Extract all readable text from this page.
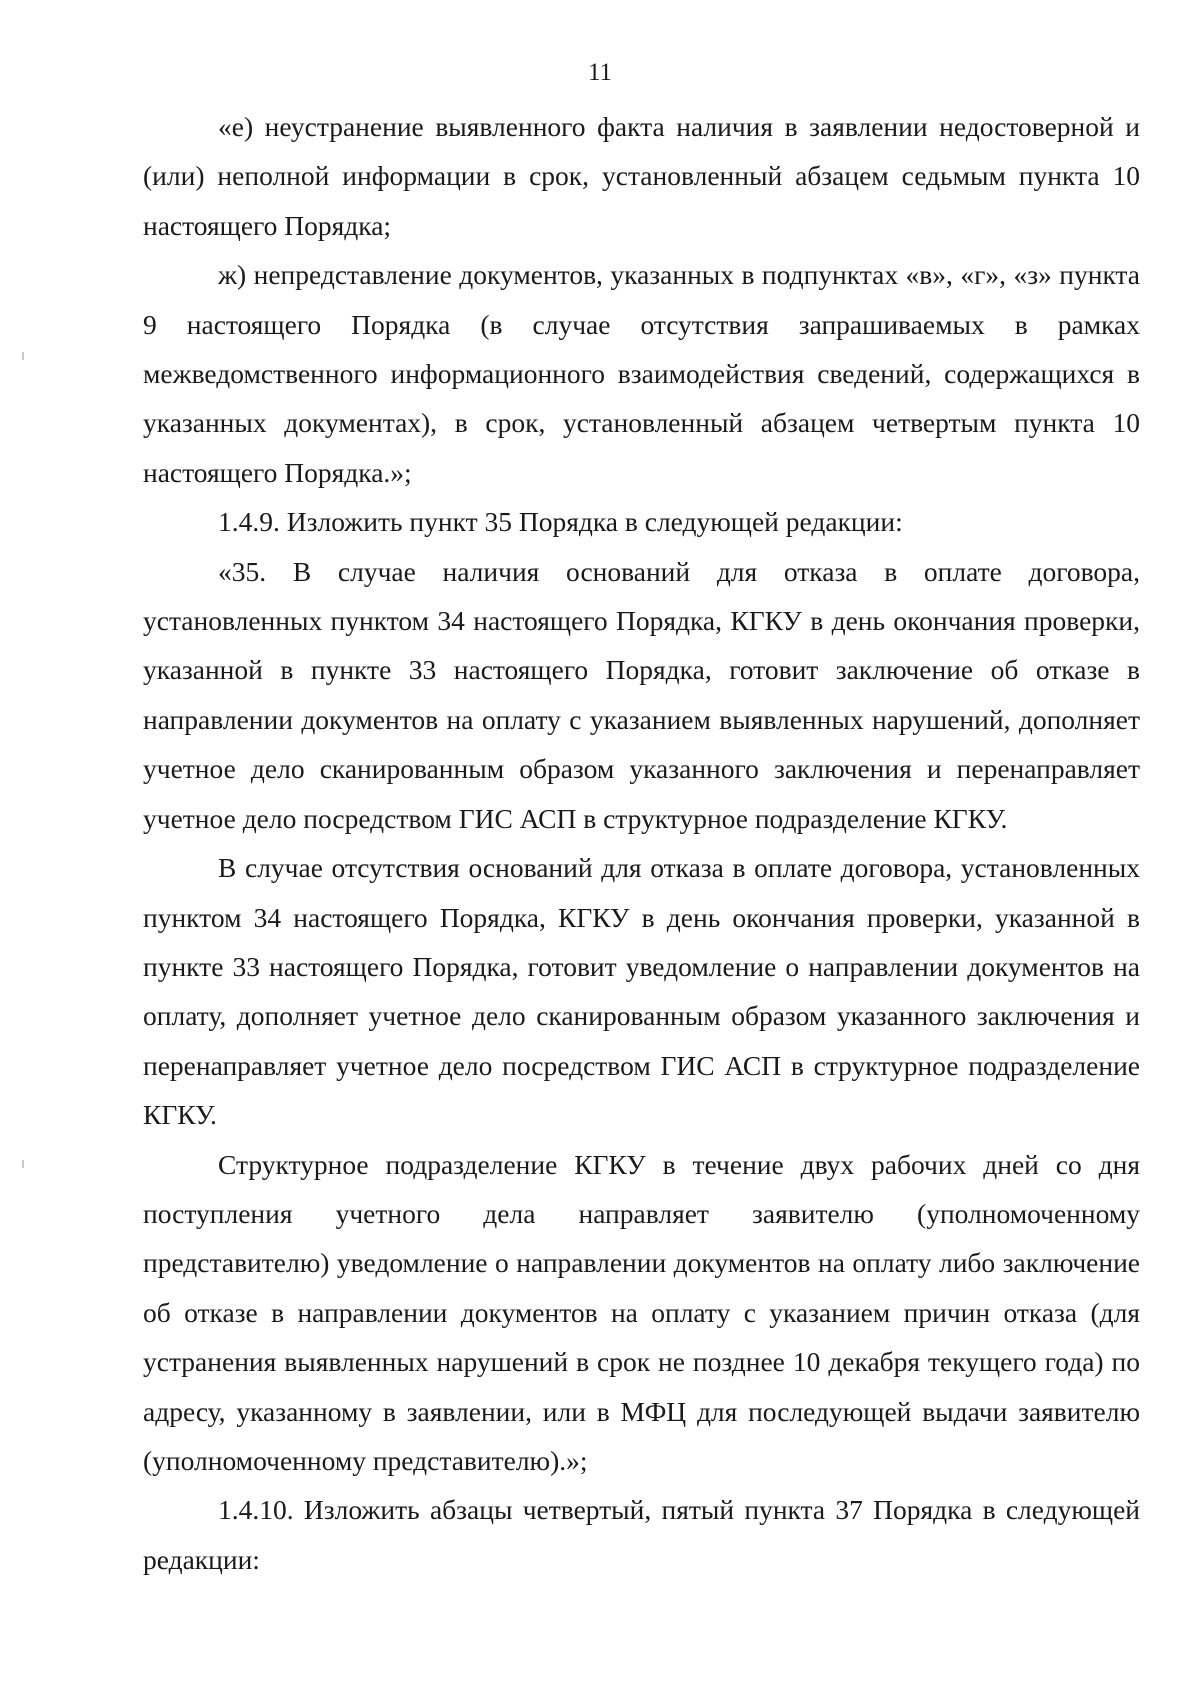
11

«е) неустранение выявленного факта наличия в заявлении недостоверной и (или) неполной информации в срок, установленный абзацем седьмым пункта 10 настоящего Порядка;

ж) непредставление документов, указанных в подпунктах «в», «г», «з» пункта 9 настоящего Порядка (в случае отсутствия запрашиваемых в рамках межведомственного информационного взаимодействия сведений, содержащихся в указанных документах), в срок, установленный абзацем четвертым пункта 10 настоящего Порядка.»;

1.4.9. Изложить пункт 35 Порядка в следующей редакции:

«35. В случае наличия оснований для отказа в оплате договора, установленных пунктом 34 настоящего Порядка, КГКУ в день окончания проверки, указанной в пункте 33 настоящего Порядка, готовит заключение об отказе в направлении документов на оплату с указанием выявленных нарушений, дополняет учетное дело сканированным образом указанного заключения и перенаправляет учетное дело посредством ГИС АСП в структурное подразделение КГКУ.

В случае отсутствия оснований для отказа в оплате договора, установленных пунктом 34 настоящего Порядка, КГКУ в день окончания проверки, указанной в пункте 33 настоящего Порядка, готовит уведомление о направлении документов на оплату, дополняет учетное дело сканированным образом указанного заключения и перенаправляет учетное дело посредством ГИС АСП в структурное подразделение КГКУ.

Структурное подразделение КГКУ в течение двух рабочих дней со дня поступления учетного дела направляет заявителю (уполномоченному представителю) уведомление о направлении документов на оплату либо заключение об отказе в направлении документов на оплату с указанием причин отказа (для устранения выявленных нарушений в срок не позднее 10 декабря текущего года) по адресу, указанному в заявлении, или в МФЦ для последующей выдачи заявителю (уполномоченному представителю).»;

1.4.10. Изложить абзацы четвертый, пятый пункта 37 Порядка в следующей редакции:
